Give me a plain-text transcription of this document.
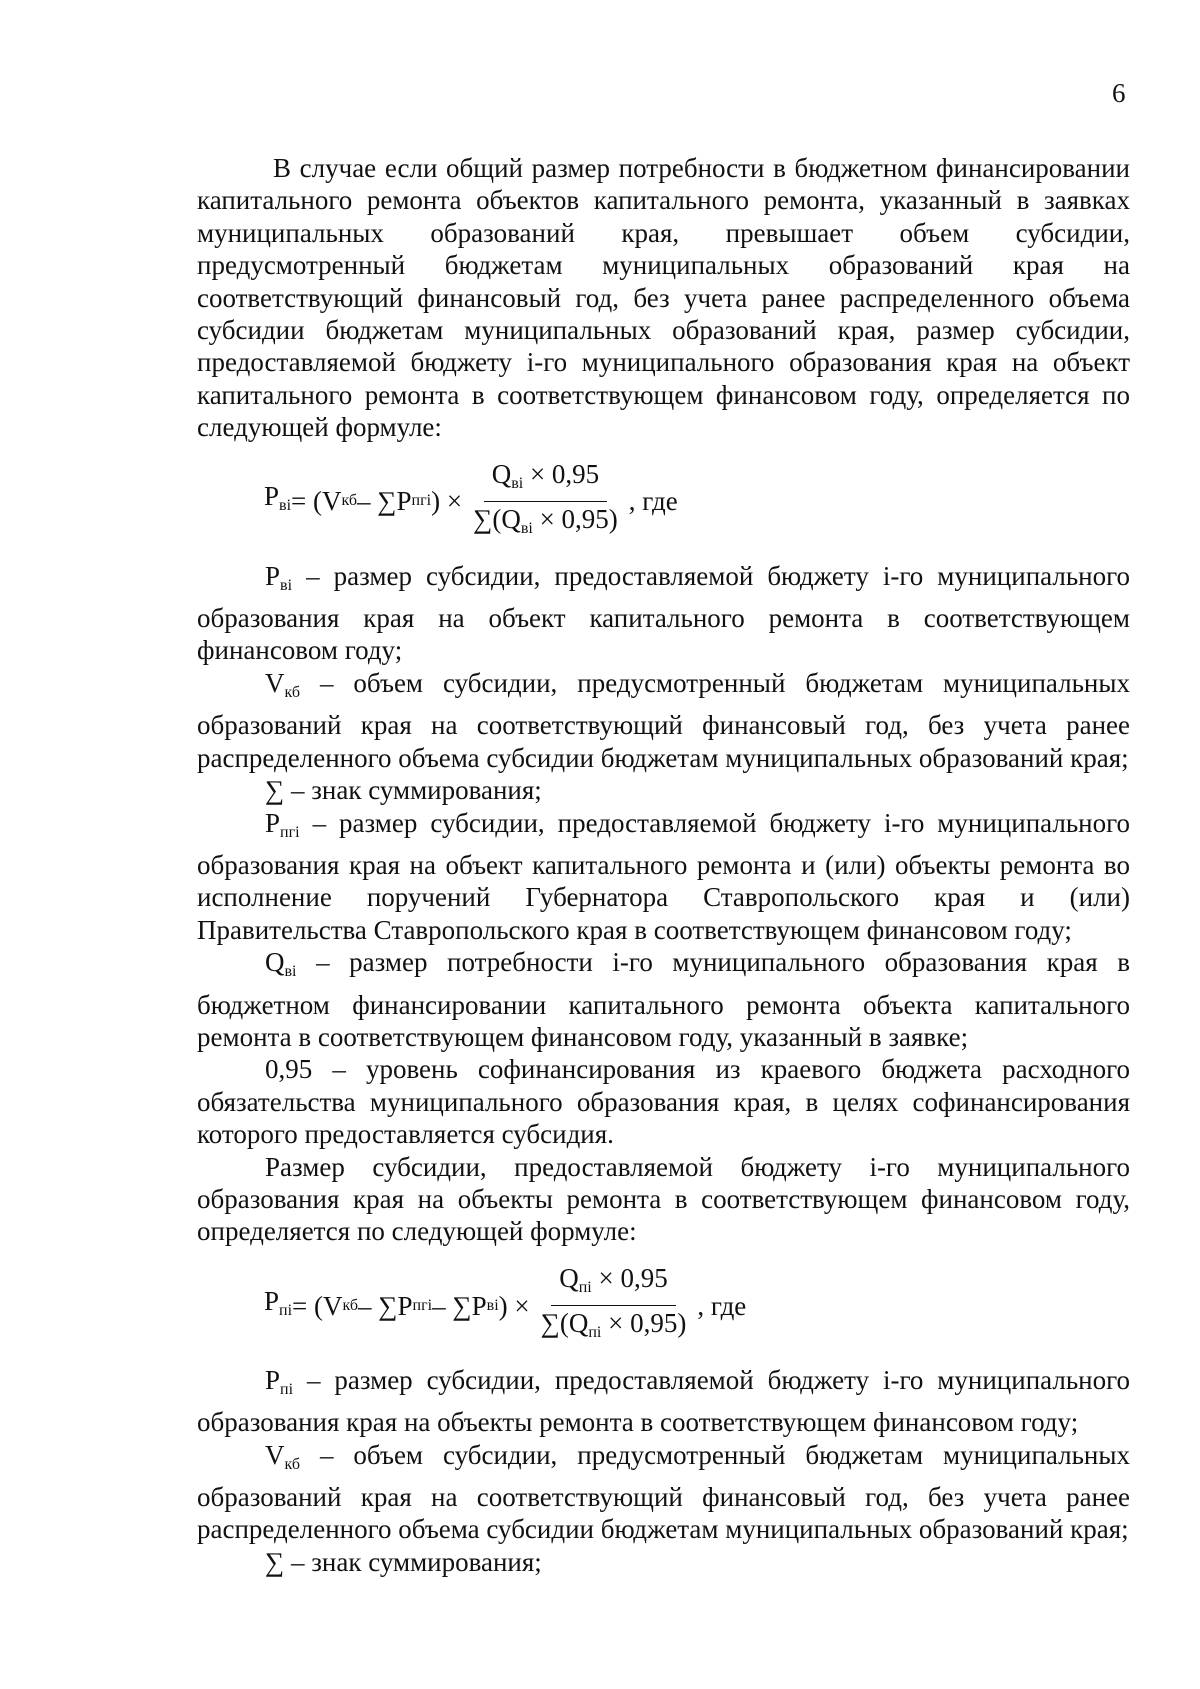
6

В случае если общий размер потребности в бюджетном финансировании капитального ремонта объектов капитального ремонта, указанный в заявках муниципальных образований края, превышает объем субсидии, предусмотренный бюджетам муниципальных образований края на соответствующий финансовый год, без учета ранее распределенного объема субсидии бюджетам муниципальных образований края, размер субсидии, предоставляемой бюджету i-го муниципального образования края на объект капитального ремонта в соответствующем финансовом году, определяется по следующей формуле:

$P_{вi} = (V$ кб – ∑P пгi ) × $\frac{Q_{вi} \times 0,95}{\sum(Q_{вi} \times 0,95)}$ , где

$P_{вi}$ – размер субсидии, предоставляемой бюджету i-го муниципального образования края на объект капитального ремонта в соответствующем финансовом году;

$V_{кб}$ – объем субсидии, предусмотренный бюджетам муниципальных образований края на соответствующий финансовый год, без учета ранее распределенного объема субсидии бюджетам муниципальных образований края;

∑ – знак суммирования;

$P_{пгi}$ – размер субсидии, предоставляемой бюджету i-го муниципального образования края на объект капитального ремонта и (или) объекты ремонта во исполнение поручений Губернатора Ставропольского края и (или) Правительства Ставропольского края в соответствующем финансовом году;

$Q_{вi}$ – размер потребности i-го муниципального образования края в бюджетном финансировании капитального ремонта объекта капитального ремонта в соответствующем финансовом году, указанный в заявке;

0,95 – уровень софинансирования из краевого бюджета расходного обязательства муниципального образования края, в целях софинансирования которого предоставляется субсидия.

Размер субсидии, предоставляемой бюджету i-го муниципального образования края на объекты ремонта в соответствующем финансовом году, определяется по следующей формуле:

$P_{пi} = (V$ кб – ∑P пгi – ∑P вi ) × $\frac{Q_{пi} \times 0,95}{\sum(Q_{пi} \times 0,95)}$ , где

$P_{пi}$ – размер субсидии, предоставляемой бюджету i-го муниципального образования края на объекты ремонта в соответствующем финансовом году;

$V_{кб}$ – объем субсидии, предусмотренный бюджетам муниципальных образований края на соответствующий финансовый год, без учета ранее распределенного объема субсидии бюджетам муниципальных образований края;

∑ – знак суммирования;
